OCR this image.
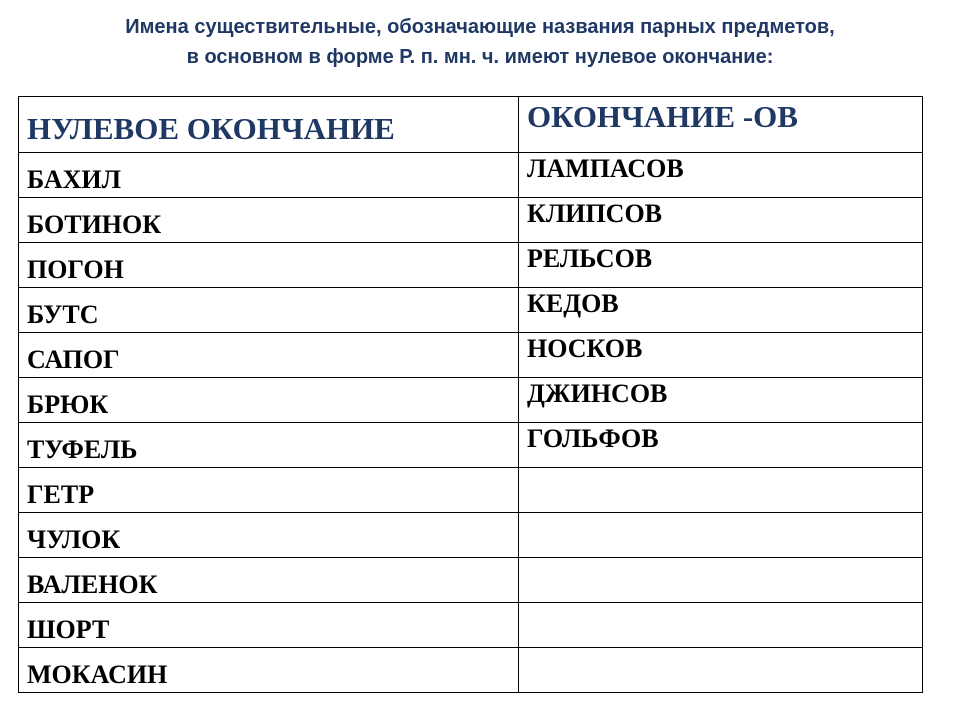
Имена существительные, обозначающие названия парных предметов,
в основном в форме Р. п. мн. ч. имеют нулевое окончание:
НУЛЕВОЕ ОКОНЧАНИЕ	ОКОНЧАНИЕ -ОВ
БАХИЛ	ЛАМПАСОВ
БОТИНОК	КЛИПСОВ
ПОГОН	РЕЛЬСОВ
БУТС	КЕДОВ
САПОГ	НОСКОВ
БРЮК	ДЖИНСОВ
ТУФЕЛЬ	ГОЛЬФОВ
ГЕТР	
ЧУЛОК	
ВАЛЕНОК	
ШОРТ	
МОКАСИН	
